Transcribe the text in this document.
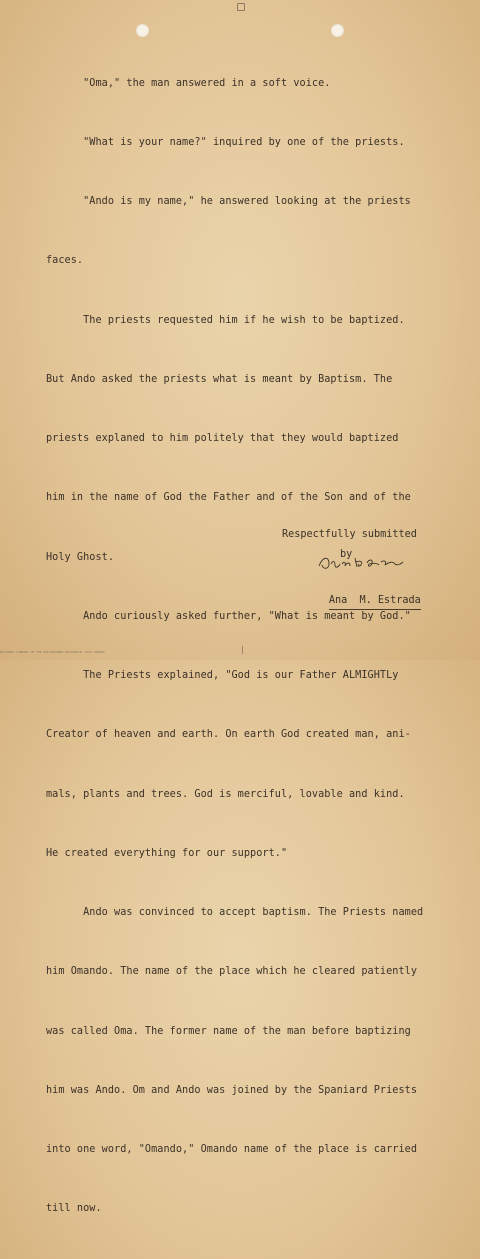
"Oma," the man answered in a soft voice.

"What is your name?" inquired by one of the priests.

"Ando is my name," he answered looking at the priests

faces.

The priests requested him if he wish to be baptized.

But Ando asked the priests what is meant by Baptism. The

priests explaned to him politely that they would baptized

him in the name of God the Father and of the Son and of the

Holy Ghost.

Ando curiously asked further, "What is meant by God."

The Priests explained, "God is our Father ALMIGHTLy

Creator of heaven and earth. On earth God created man, ani-

mals, plants and trees. God is merciful, lovable and kind.

He created everything for our support."

Ando was convinced to accept baptism. The Priests named

him Omando. The name of the place which he cleared patiently

was called Oma. The former name of the man before baptizing

him was Ando. Om and Ando was joined by the Spaniard Priests

into one word, "Omando," Omando name of the place is carried

till now.

Respectfully submitted
by

Ana  M. Estrada

NATIONAL LIBRARY OF THE PHILIPPINES HISTORICAL DATA PAPERS
